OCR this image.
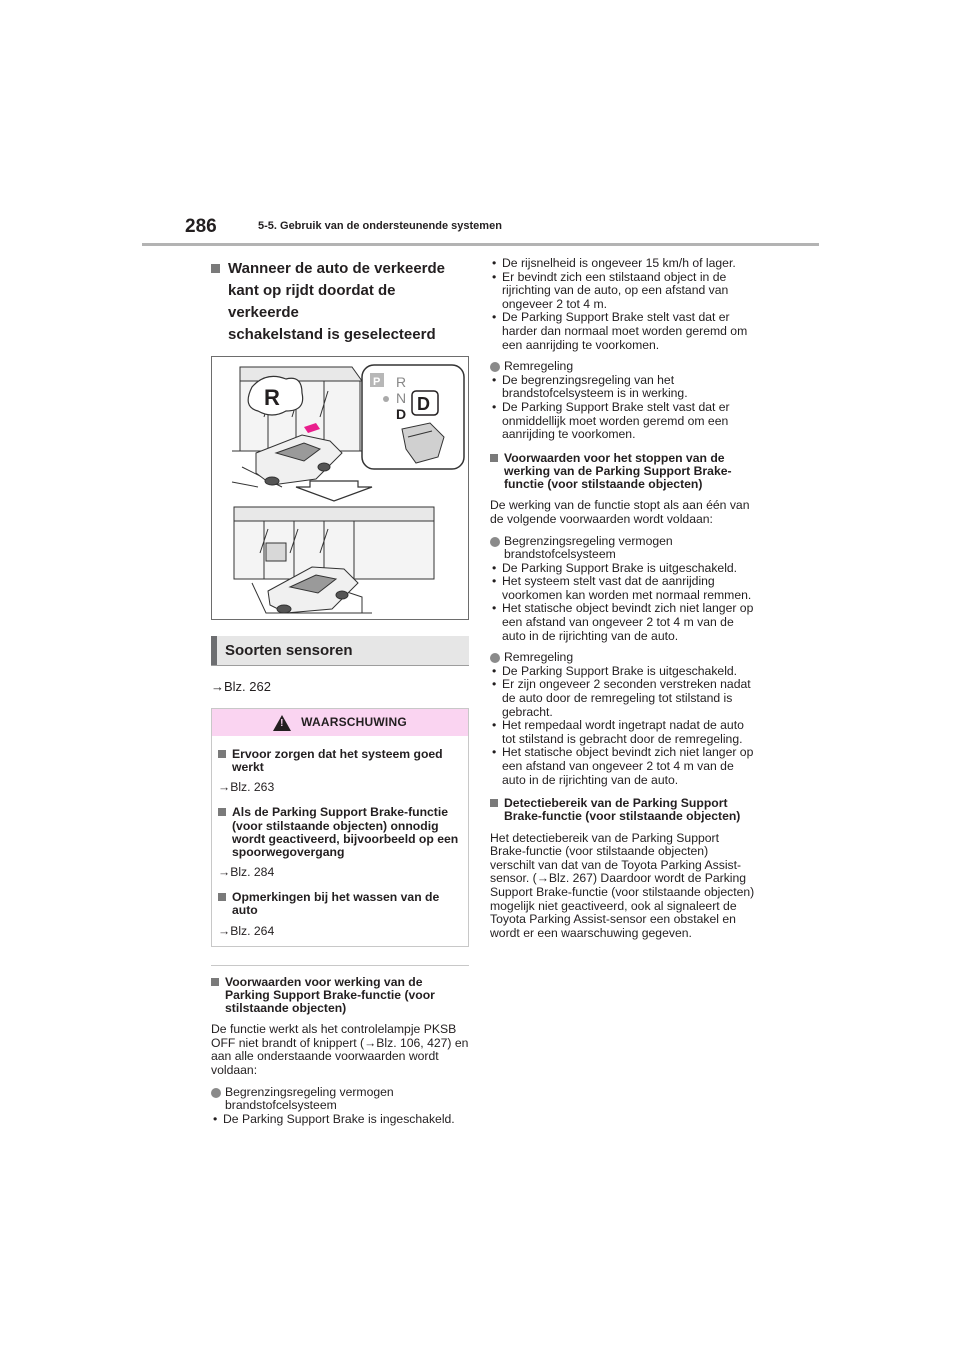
286	5-5. Gebruik van de ondersteunende systemen
Wanneer de auto de verkeerde
kant op rijdt doordat de verkeerde
schakelstand is geselecteerd
R
P R
N
D D
Soorten sensoren
→Blz. 262
! WAARSCHUWING
Ervoor zorgen dat het systeem goed werkt
→Blz. 263
Als de Parking Support Brake-functie (voor stilstaande objecten) onnodig wordt geactiveerd, bijvoorbeeld op een spoorwegovergang
→Blz. 284
Opmerkingen bij het wassen van de auto
→Blz. 264
Voorwaarden voor werking van de Parking Support Brake-functie (voor stilstaande objecten)
De functie werkt als het controlelampje PKSB OFF niet brandt of knippert (→Blz. 106, 427) en aan alle onderstaande voorwaarden wordt voldaan:
Begrenzingsregeling vermogen brandstofcelsysteem
• De Parking Support Brake is ingeschakeld.
• De rijsnelheid is ongeveer 15 km/h of lager.
• Er bevindt zich een stilstaand object in de rijrichting van de auto, op een afstand van ongeveer 2 tot 4 m.
• De Parking Support Brake stelt vast dat er harder dan normaal moet worden geremd om een aanrijding te voorkomen.
Remregeling
• De begrenzingsregeling van het brandstofcelsysteem is in werking.
• De Parking Support Brake stelt vast dat er onmiddellijk moet worden geremd om een aanrijding te voorkomen.
Voorwaarden voor het stoppen van de werking van de Parking Support Brake-functie (voor stilstaande objecten)
De werking van de functie stopt als aan één van de volgende voorwaarden wordt voldaan:
Begrenzingsregeling vermogen brandstofcelsysteem
• De Parking Support Brake is uitgeschakeld.
• Het systeem stelt vast dat de aanrijding voorkomen kan worden met normaal remmen.
• Het statische object bevindt zich niet langer op een afstand van ongeveer 2 tot 4 m van de auto in de rijrichting van de auto.
Remregeling
• De Parking Support Brake is uitgeschakeld.
• Er zijn ongeveer 2 seconden verstreken nadat de auto door de remregeling tot stilstand is gebracht.
• Het rempedaal wordt ingetrapt nadat de auto tot stilstand is gebracht door de remregeling.
• Het statische object bevindt zich niet langer op een afstand van ongeveer 2 tot 4 m van de auto in de rijrichting van de auto.
Detectiebereik van de Parking Support Brake-functie (voor stilstaande objecten)
Het detectiebereik van de Parking Support Brake-functie (voor stilstaande objecten) verschilt van dat van de Toyota Parking Assist-sensor. (→Blz. 267) Daardoor wordt de Parking Support Brake-functie (voor stilstaande objecten) mogelijk niet geactiveerd, ook al signaleert de Toyota Parking Assist-sensor een obstakel en wordt er een waarschuwing gegeven.
